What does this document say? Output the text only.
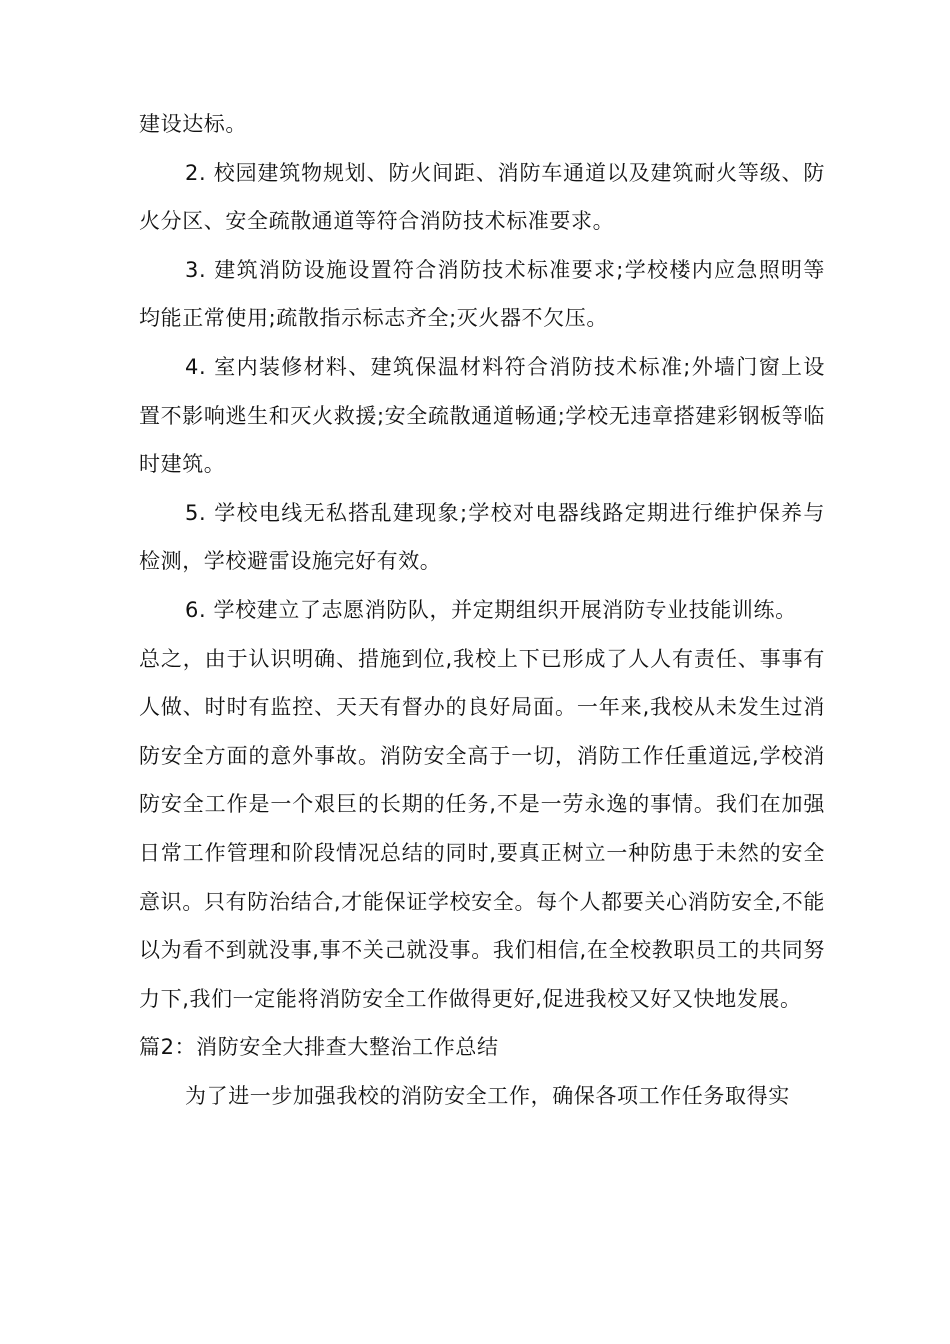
建设达标。

2. 校园建筑物规划、防火间距、消防车通道以及建筑耐火等级、防火分区、安全疏散通道等符合消防技术标准要求。

3. 建筑消防设施设置符合消防技术标准要求;学校楼内应急照明等均能正常使用;疏散指示标志齐全;灭火器不欠压。

4. 室内装修材料、建筑保温材料符合消防技术标准;外墙门窗上设置不影响逃生和灭火救援;安全疏散通道畅通;学校无违章搭建彩钢板等临时建筑。

5. 学校电线无私搭乱建现象;学校对电器线路定期进行维护保养与检测，学校避雷设施完好有效。

6. 学校建立了志愿消防队，并定期组织开展消防专业技能训练。

总之，由于认识明确、措施到位,我校上下已形成了人人有责任、事事有人做、时时有监控、天天有督办的良好局面。一年来,我校从未发生过消防安全方面的意外事故。消防安全高于一切，消防工作任重道远,学校消防安全工作是一个艰巨的长期的任务,不是一劳永逸的事情。我们在加强日常工作管理和阶段情况总结的同时,要真正树立一种防患于未然的安全意识。只有防治结合,才能保证学校安全。每个人都要关心消防安全,不能以为看不到就没事,事不关己就没事。我们相信,在全校教职员工的共同努力下,我们一定能将消防安全工作做得更好,促进我校又好又快地发展。

篇2：消防安全大排查大整治工作总结

为了进一步加强我校的消防安全工作，确保各项工作任务取得实
